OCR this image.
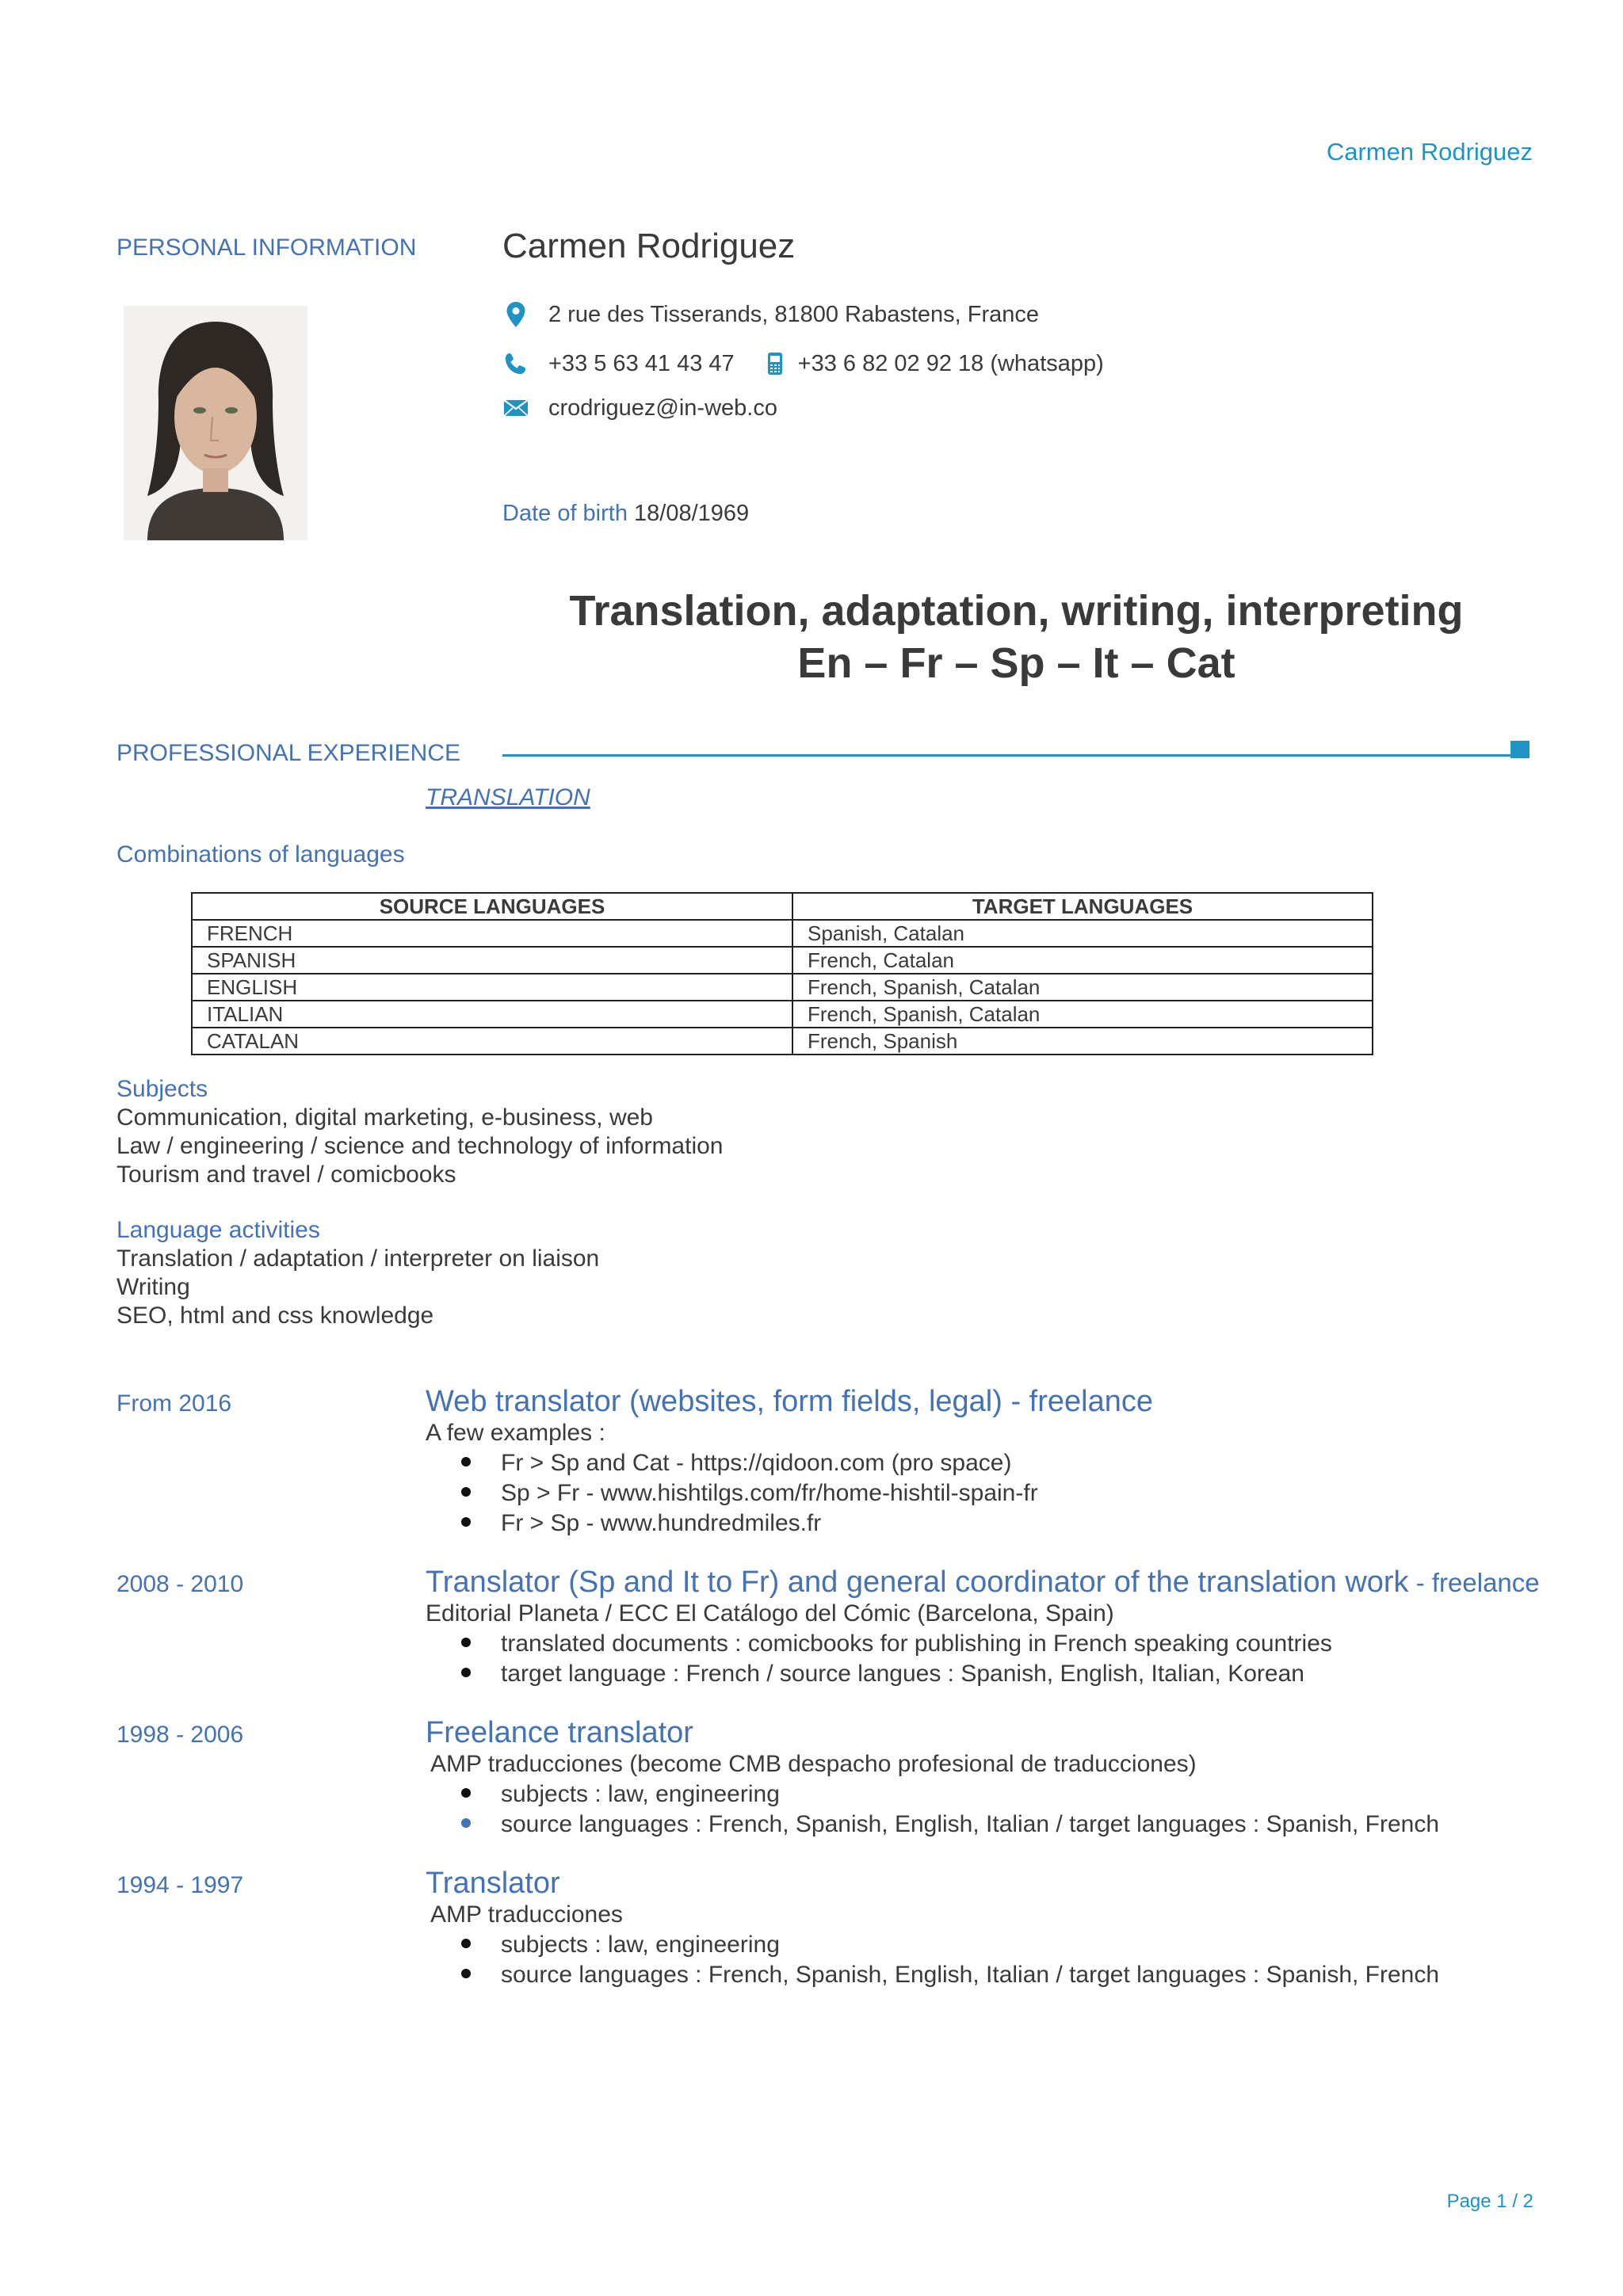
Carmen Rodriguez
PERSONAL INFORMATION Carmen Rodriguez
2 rue des Tisserands, 81800 Rabastens, France
+33 5 63 41 43 47	+33 6 82 02 92 18 (whatsapp)
crodriguez@in-web.co
Date of birth 18/08/1969
Translation, adaptation, writing, interpreting
En – Fr – Sp – It – Cat
PROFESSIONAL EXPERIENCE
TRANSLATION
Combinations of languages
SOURCE LANGUAGES	TARGET LANGUAGES
FRENCH	Spanish, Catalan
SPANISH	French, Catalan
ENGLISH	French, Spanish, Catalan
ITALIAN	French, Spanish, Catalan
CATALAN	French, Spanish
Subjects
Communication, digital marketing, e-business, web
Law / engineering / science and technology of information
Tourism and travel / comicbooks
Language activities
Translation / adaptation / interpreter on liaison
Writing
SEO, html and css knowledge
From 2016	Web translator (websites, form fields, legal) - freelance
A few examples :
Fr > Sp and Cat - https://qidoon.com (pro space)
Sp > Fr - www.hishtilgs.com/fr/home-hishtil-spain-fr
Fr > Sp - www.hundredmiles.fr
2008 - 2010	Translator (Sp and It to Fr) and general coordinator of the translation work - freelance
Editorial Planeta / ECC El Catálogo del Cómic (Barcelona, Spain)
translated documents : comicbooks for publishing in French speaking countries
target language : French / source langues : Spanish, English, Italian, Korean
1998 - 2006	Freelance translator
AMP traducciones (become CMB despacho profesional de traducciones)
subjects : law, engineering
source languages : French, Spanish, English, Italian / target languages : Spanish, French
1994 - 1997	Translator
AMP traducciones
subjects : law, engineering
source languages : French, Spanish, English, Italian / target languages : Spanish, French
Page 1 / 2
